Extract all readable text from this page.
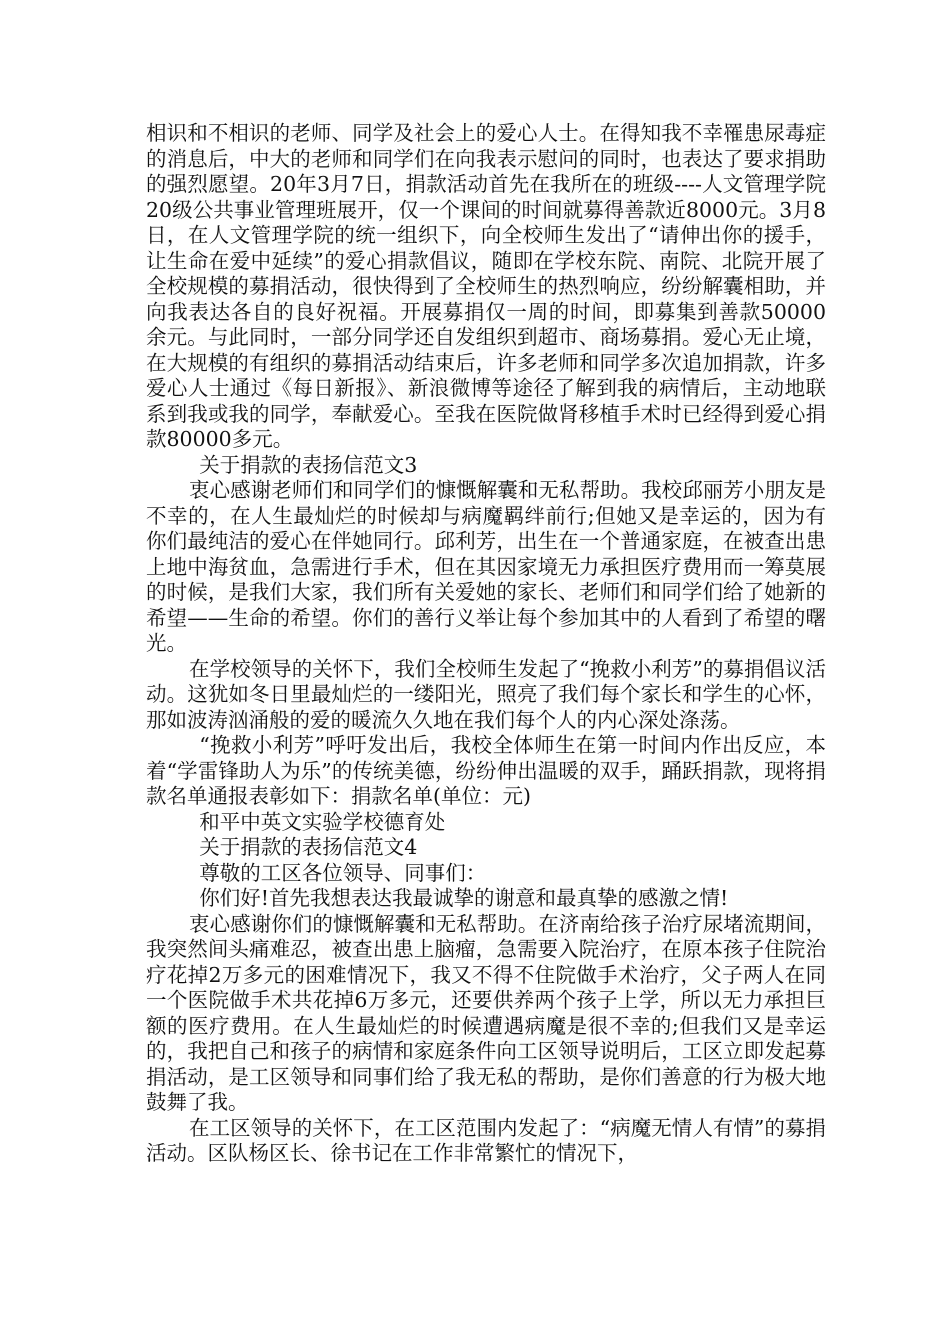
相识和不相识的老师、同学及社会上的爱心人士。在得知我不幸罹患尿毒症的消息后，中大的老师和同学们在向我表示慰问的同时，也表达了要求捐助的强烈愿望。20年3月7日，捐款活动首先在我所在的班级----人文管理学院20级公共事业管理班展开，仅一个课间的时间就募得善款近8000元。3月8日，在人文管理学院的统一组织下，向全校师生发出了“请伸出你的援手，让生命在爱中延续”的爱心捐款倡议，随即在学校东院、南院、北院开展了全校规模的募捐活动，很快得到了全校师生的热烈响应，纷纷解囊相助，并向我表达各自的良好祝福。开展募捐仅一周的时间，即募集到善款50000余元。与此同时，一部分同学还自发组织到超市、商场募捐。爱心无止境，在大规模的有组织的募捐活动结束后，许多老师和同学多次追加捐款，许多爱心人士通过《每日新报》、新浪微博等途径了解到我的病情后，主动地联系到我或我的同学，奉献爱心。至我在医院做肾移植手术时已经得到爱心捐款80000多元。

关于捐款的表扬信范文3

衷心感谢老师们和同学们的慷慨解囊和无私帮助。我校邱丽芳小朋友是不幸的，在人生最灿烂的时候却与病魔羁绊前行;但她又是幸运的，因为有你们最纯洁的爱心在伴她同行。邱利芳，出生在一个普通家庭，在被查出患上地中海贫血，急需进行手术，但在其因家境无力承担医疗费用而一筹莫展的时候，是我们大家，我们所有关爱她的家长、老师们和同学们给了她新的希望——生命的希望。你们的善行义举让每个参加其中的人看到了希望的曙光。

在学校领导的关怀下，我们全校师生发起了“挽救小利芳”的募捐倡议活动。这犹如冬日里最灿烂的一缕阳光，照亮了我们每个家长和学生的心怀，那如波涛汹涌般的爱的暖流久久地在我们每个人的内心深处涤荡。

“挽救小利芳”呼吁发出后，我校全体师生在第一时间内作出反应，本着“学雷锋助人为乐”的传统美德，纷纷伸出温暖的双手，踊跃捐款，现将捐款名单通报表彰如下：捐款名单(单位：元)

和平中英文实验学校德育处

关于捐款的表扬信范文4

尊敬的工区各位领导、同事们：

你们好!首先我想表达我最诚挚的谢意和最真挚的感激之情!

衷心感谢你们的慷慨解囊和无私帮助。在济南给孩子治疗尿堵流期间，我突然间头痛难忍，被查出患上脑瘤，急需要入院治疗，在原本孩子住院治疗花掉2万多元的困难情况下，我又不得不住院做手术治疗，父子两人在同一个医院做手术共花掉6万多元，还要供养两个孩子上学，所以无力承担巨额的医疗费用。在人生最灿烂的时候遭遇病魔是很不幸的;但我们又是幸运的，我把自己和孩子的病情和家庭条件向工区领导说明后，工区立即发起募捐活动，是工区领导和同事们给了我无私的帮助，是你们善意的行为极大地鼓舞了我。

在工区领导的关怀下，在工区范围内发起了：“病魔无情人有情”的募捐活动。区队杨区长、徐书记在工作非常繁忙的情况下，
